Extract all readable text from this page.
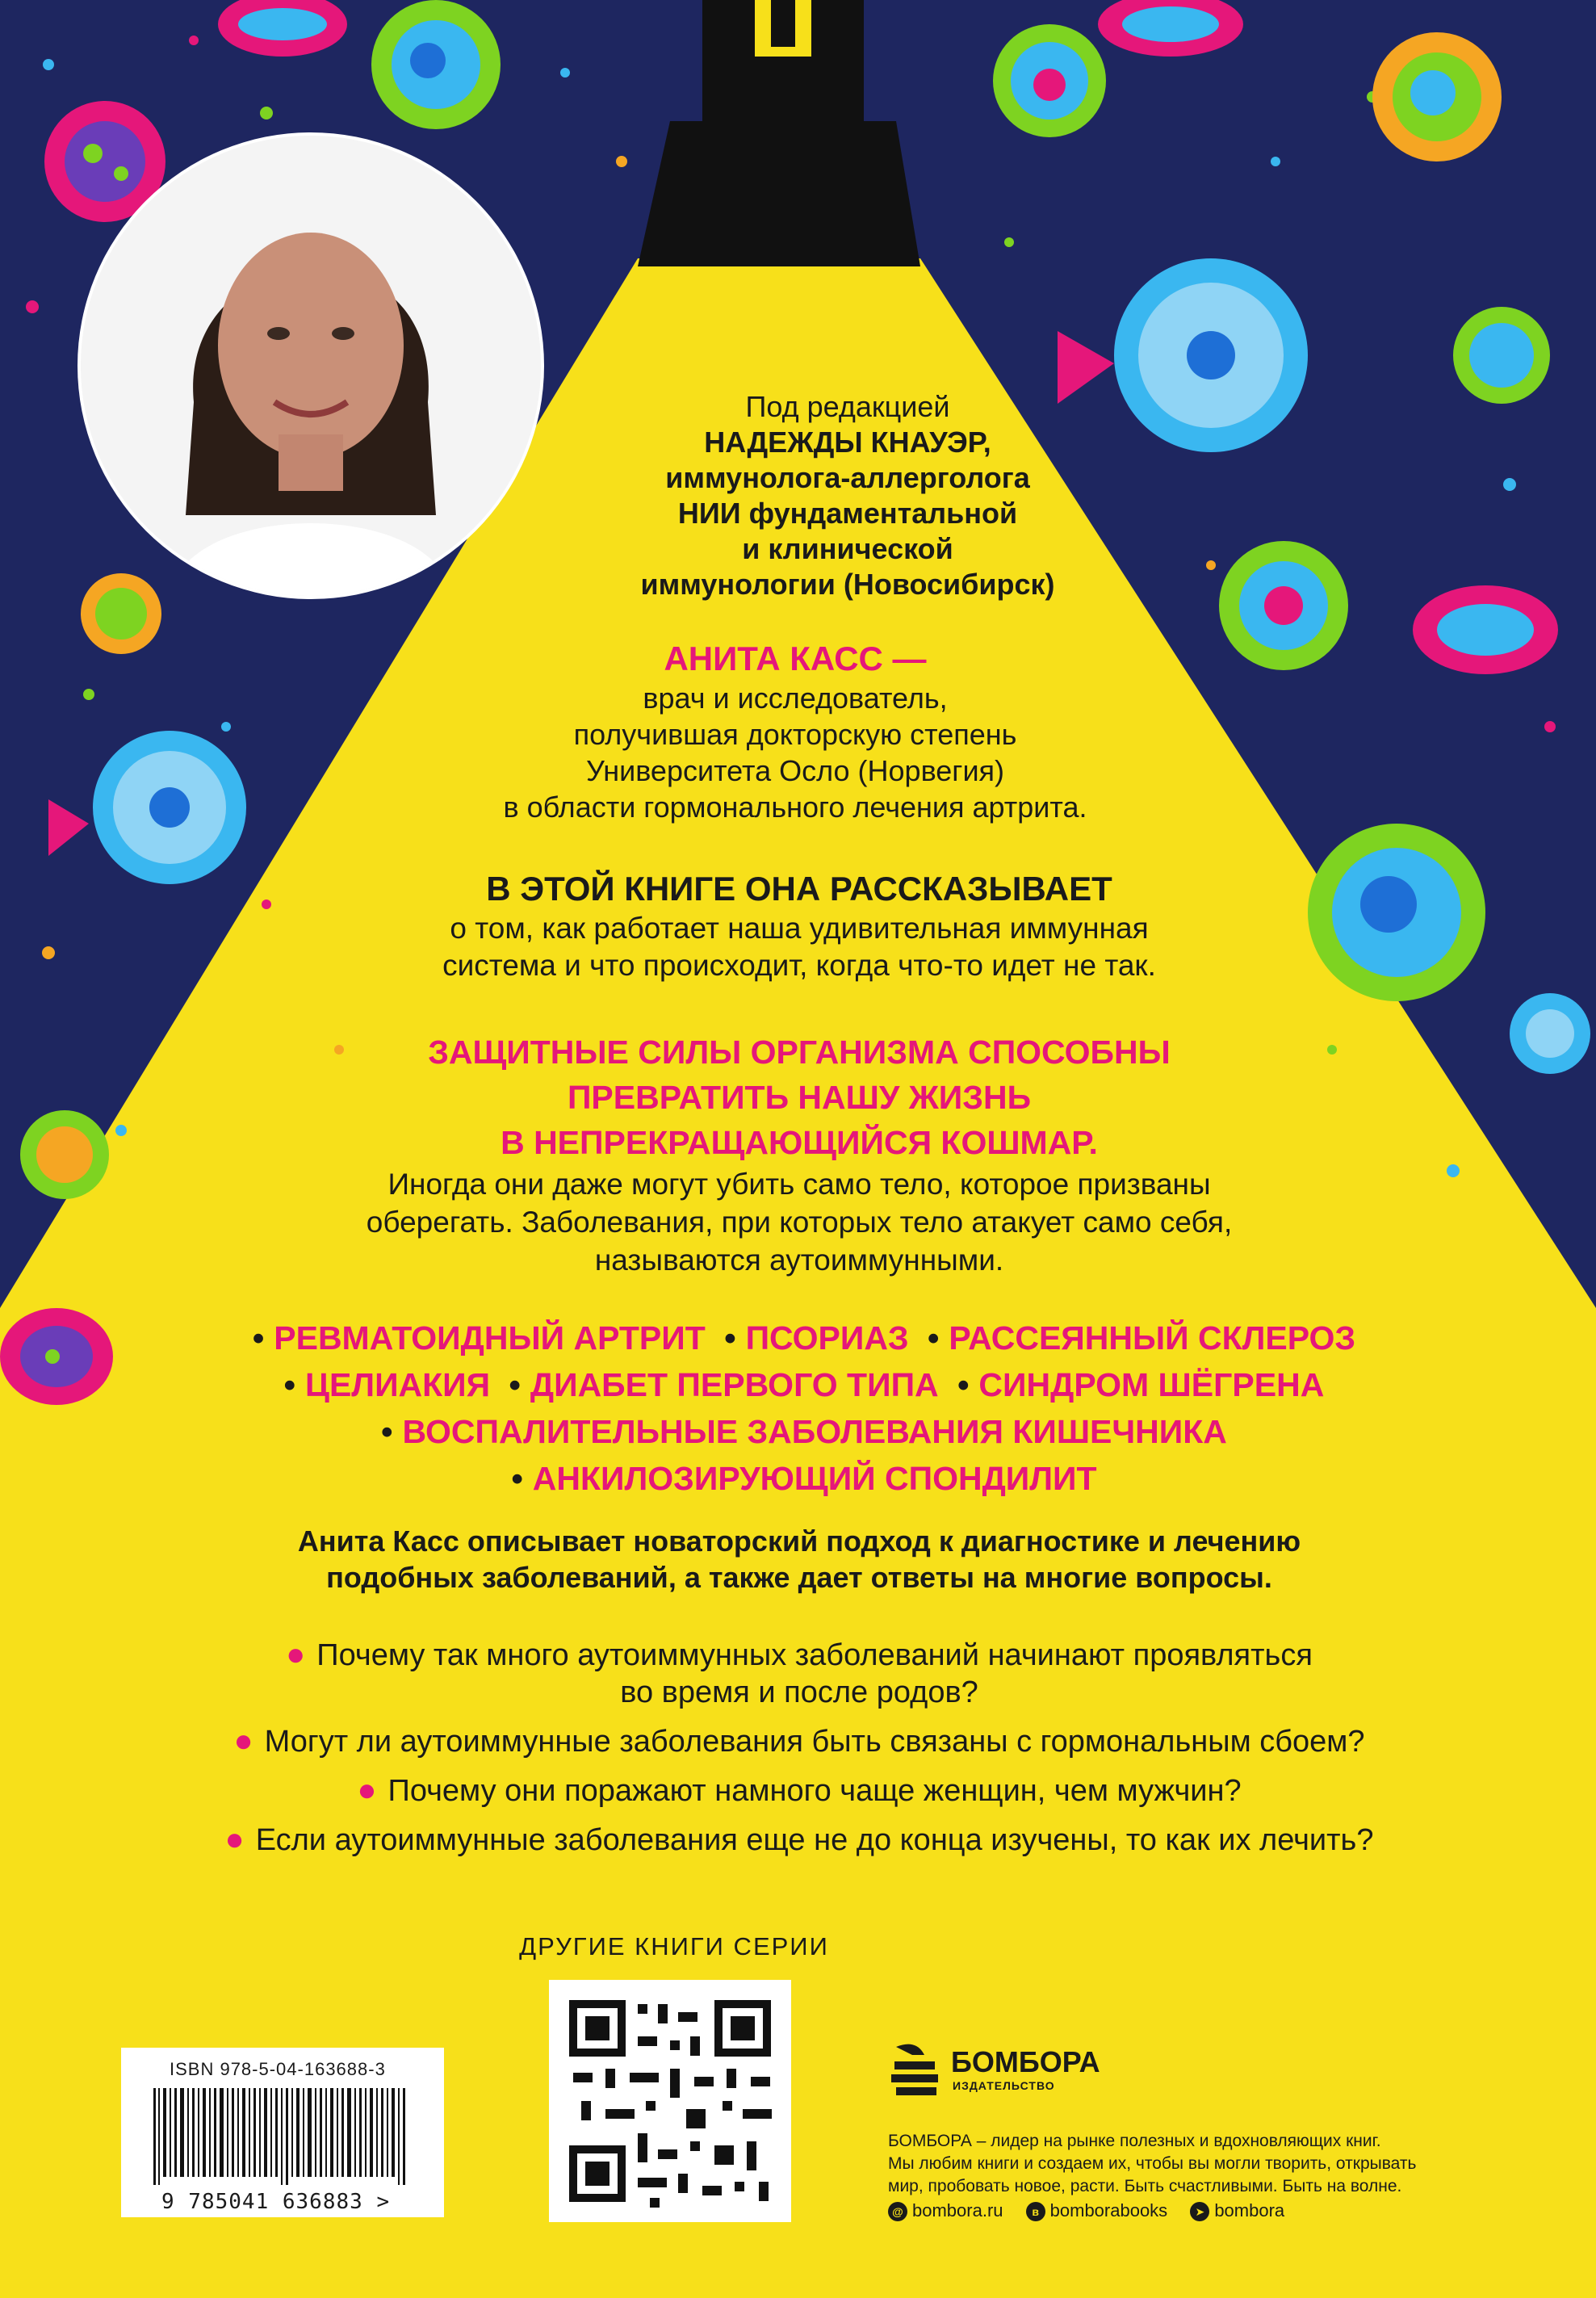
Под редакцией
НАДЕЖДЫ КНАУЭР,
иммунолога-аллерголога
НИИ фундаментальной
и клинической
иммунологии (Новосибирск)
АНИТА КАСС —
врач и исследователь,
получившая докторскую степень
Университета Осло (Норвегия)
в области гормонального лечения артрита.
В ЭТОЙ КНИГЕ ОНА РАССКАЗЫВАЕТ
о том, как работает наша удивительная иммунная
система и что происходит, когда что-то идет не так.
ЗАЩИТНЫЕ СИЛЫ ОРГАНИЗМА СПОСОБНЫ
ПРЕВРАТИТЬ НАШУ ЖИЗНЬ
В НЕПРЕКРАЩАЮЩИЙСЯ КОШМАР.
Иногда они даже могут убить само тело, которое призваны
оберегать. Заболевания, при которых тело атакует само себя,
называются аутоиммунными.
• РЕВМАТОИДНЫЙ АРТРИТ • ПСОРИАЗ • РАССЕЯННЫЙ СКЛЕРОЗ
• ЦЕЛИАКИЯ • ДИАБЕТ ПЕРВОГО ТИПА • СИНДРОМ ШЁГРЕНА
• ВОСПАЛИТЕЛЬНЫЕ ЗАБОЛЕВАНИЯ КИШЕЧНИКА
• АНКИЛОЗИРУЮЩИЙ СПОНДИЛИТ
Анита Касс описывает новаторский подход к диагностике и лечению
подобных заболеваний, а также дает ответы на многие вопросы.
● Почему так много аутоиммунных заболеваний начинают проявляться
во время и после родов?
● Могут ли аутоиммунные заболевания быть связаны с гормональным сбоем?
● Почему они поражают намного чаще женщин, чем мужчин?
● Если аутоиммунные заболевания еще не до конца изучены, то как их лечить?
ДРУГИЕ КНИГИ СЕРИИ
ISBN 978-5-04-163688-3
9 785041 636883 >
БОМБОРА
ИЗДАТЕЛЬСТВО
БОМБОРА – лидер на рынке полезных и вдохновляющих книг.
Мы любим книги и создаем их, чтобы вы могли творить, открывать
мир, пробовать новое, расти. Быть счастливыми. Быть на волне.
@ bombora.ru	в bomborabooks ➤ bombora
